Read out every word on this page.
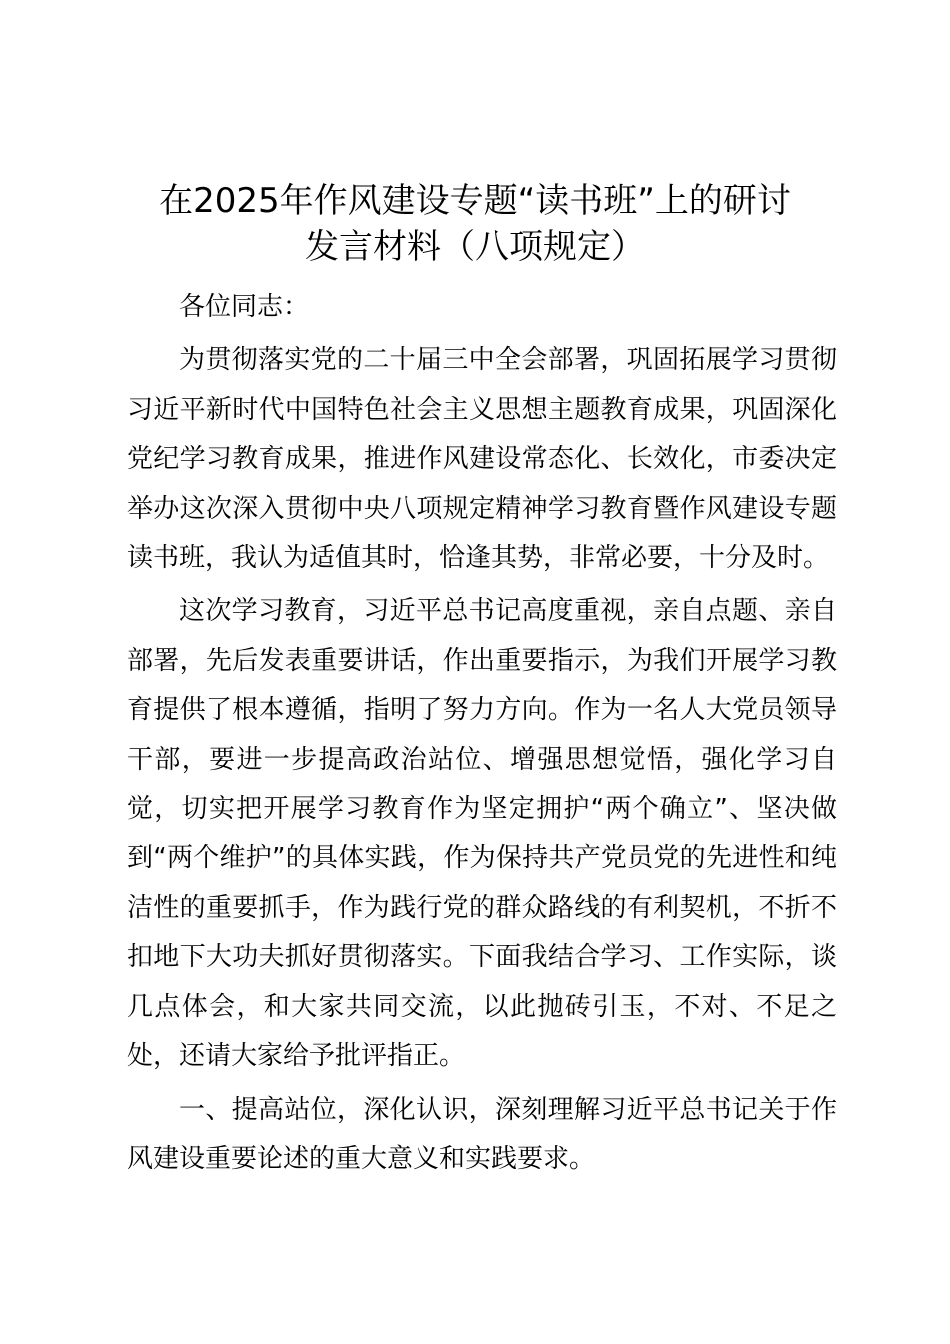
在2025年作风建设专题“读书班”上的研讨
发言材料（八项规定）

各位同志：

为贯彻落实党的二十届三中全会部署，巩固拓展学习贯彻习近平新时代中国特色社会主义思想主题教育成果，巩固深化党纪学习教育成果，推进作风建设常态化、长效化，市委决定举办这次深入贯彻中央八项规定精神学习教育暨作风建设专题读书班，我认为适值其时，恰逢其势，非常必要，十分及时。

这次学习教育，习近平总书记高度重视，亲自点题、亲自部署，先后发表重要讲话，作出重要指示，为我们开展学习教育提供了根本遵循，指明了努力方向。作为一名人大党员领导干部，要进一步提高政治站位、增强思想觉悟，强化学习自觉，切实把开展学习教育作为坚定拥护“两个确立”、坚决做到“两个维护”的具体实践，作为保持共产党员党的先进性和纯洁性的重要抓手，作为践行党的群众路线的有利契机，不折不扣地下大功夫抓好贯彻落实。下面我结合学习、工作实际，谈几点体会，和大家共同交流，以此抛砖引玉，不对、不足之处，还请大家给予批评指正。

一、提高站位，深化认识，深刻理解习近平总书记关于作风建设重要论述的重大意义和实践要求。
